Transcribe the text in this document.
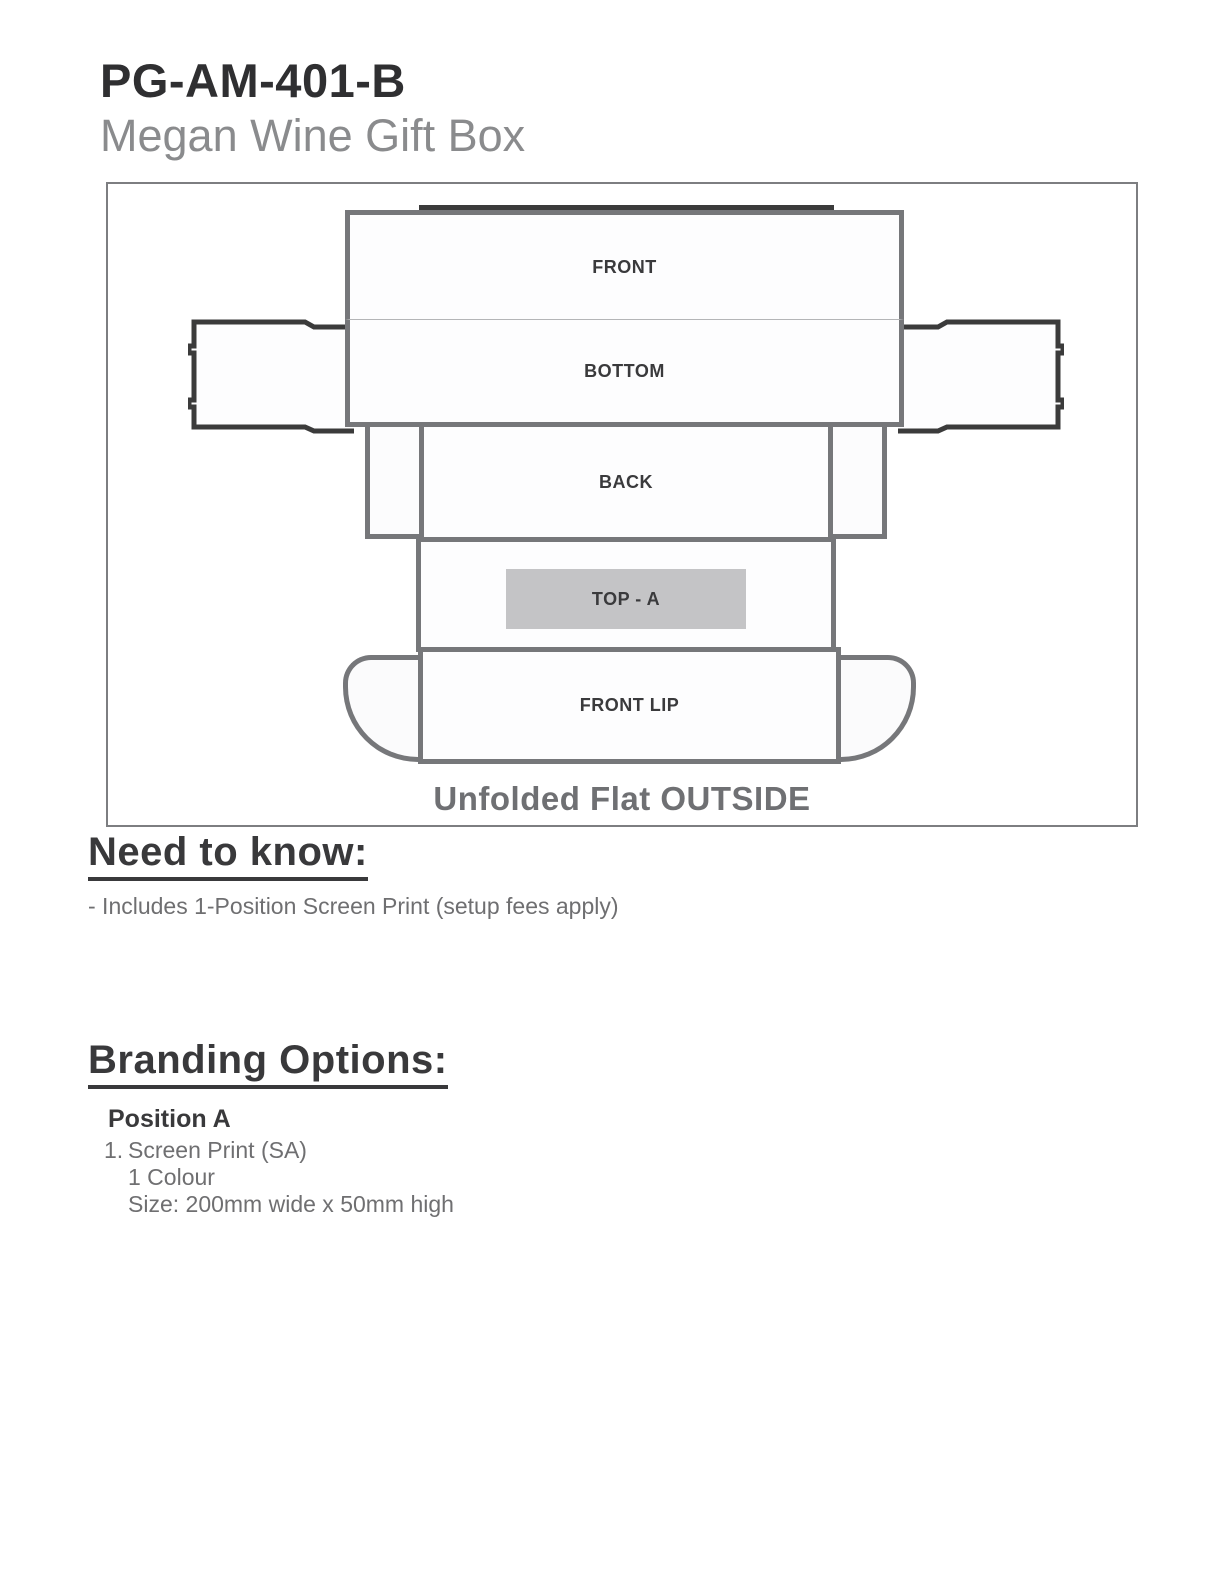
PG-AM-401-B
Megan Wine Gift Box
FRONT
BOTTOM
BACK
TOP - A
FRONT LIP
Unfolded Flat OUTSIDE
Need to know:
- Includes 1-Position Screen Print (setup fees apply)
Branding Options:
Position A
1. Screen Print (SA)
1 Colour
Size: 200mm wide x 50mm high
